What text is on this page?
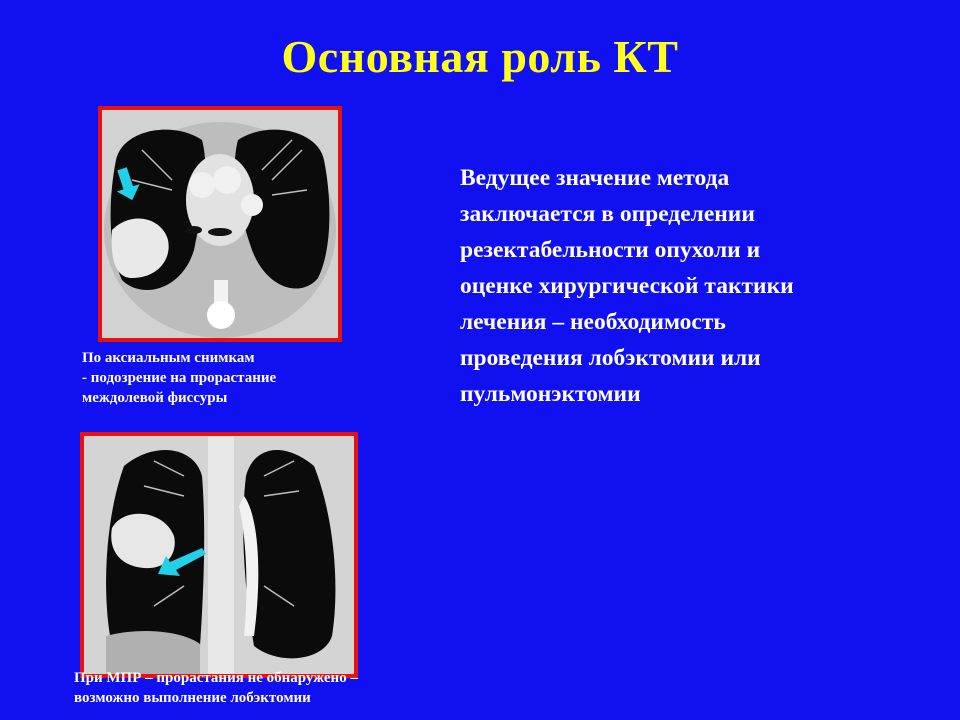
Основная роль КТ
По аксиальным снимкам
- подозрение на прорастание
междолевой фиссуры
При МПР – прорастания не обнаружено –
возможно выполнение лобэктомии
Ведущее значение метода
заключается в определении
резектабельности опухоли и
оценке хирургической тактики
лечения – необходимость
проведения лобэктомии или
пульмонэктомии
